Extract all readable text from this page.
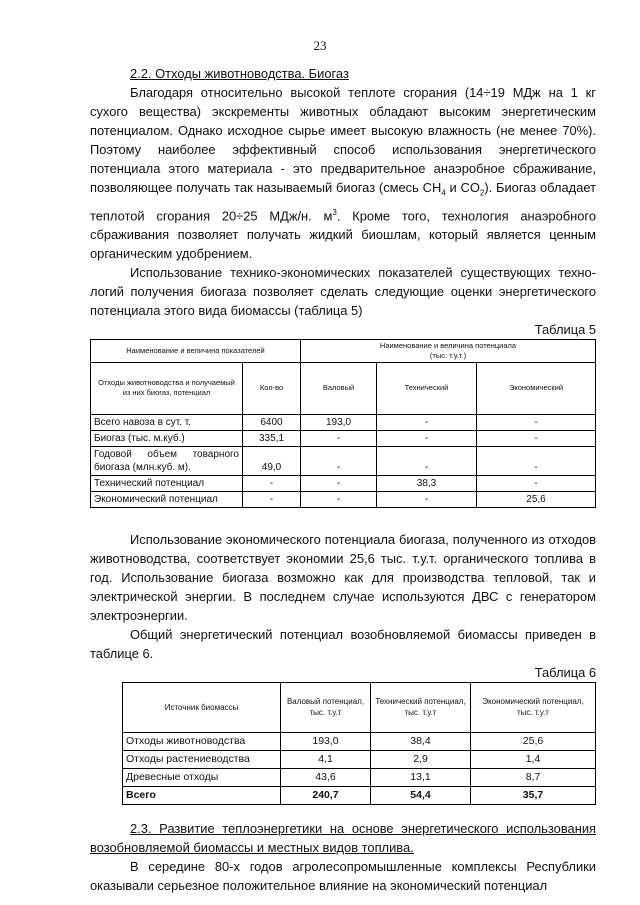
23

2.2. Отходы животноводства. Биогаз

Благодаря относительно высокой теплоте сгорания (14÷19 МДж на 1 кг сухого вещества) экскременты животных обладают высоким энергетическим потенциалом. Однако исходное сырье имеет высокую влажность (не менее 70%). Поэтому наиболее эффективный способ использования энергетического потенциала этого материала - это предварительное анаэробное сбраживание, позволяющее получать так называемый биогаз (смесь $CH_4$ и $CO_2$). Биогаз обладает теплотой сгорания 20÷25 МДж/н. $м^3$. Кроме того, технология анаэробного сбраживания позволяет получать жидкий биошлам, который является ценным органическим удобрением.

Использование технико-экономических показателей существующих техно-логий получения биогаза позволяет сделать следующие оценки энергетического потенциала этого вида биомассы (таблица 5)

Таблица 5

Наименование и величина показателей		Наименование и величина потенциала
(тыс. т.у.т.)		
Отходы животноводства и получаемый из них биогаз, потенциал	Кол-во	Валовый	Технический	Экономический
Всего навоза в сут. т.	6400	193,0	-	-
Биогаз (тыс. м.куб.)	335,1	-	-	-
Годовой объем товарного биогаза (млн.куб. м).	49,0	-	-	-
Технический потенциал	-	-	38,3	-
Экономический потенциал	-	-	-	25,6

Использование экономического потенциала биогаза, полученного из отходов животноводства, соответствует экономии 25,6 тыс. т.у.т. органического топлива в год. Использование биогаза возможно как для производства тепловой, так и электрической энергии. В последнем случае используются ДВС с генератором электроэнергии.

Общий энергетический потенциал возобновляемой биомассы приведен в таблице 6.

Таблица 6

Источник биомассы	Валовый потенциал, тыс. т.у.т	Технический потенциал, тыс. т.у.т	Экономический потенциал, тыс. т.у.т
Отходы животноводства	193,0	38,4	25,6
Отходы растениеводства	4,1	2,9	1,4
Древесные отходы	43,6	13,1	8,7
Всего	240,7	54,4	35,7

2.3. Развитие теплоэнергетики на основе энергетического использования возобновляемой биомассы и местных видов топлива.

В середине 80-х годов агролесопромышленные комплексы Республики оказывали серьезное положительное влияние на экономический потенциал
